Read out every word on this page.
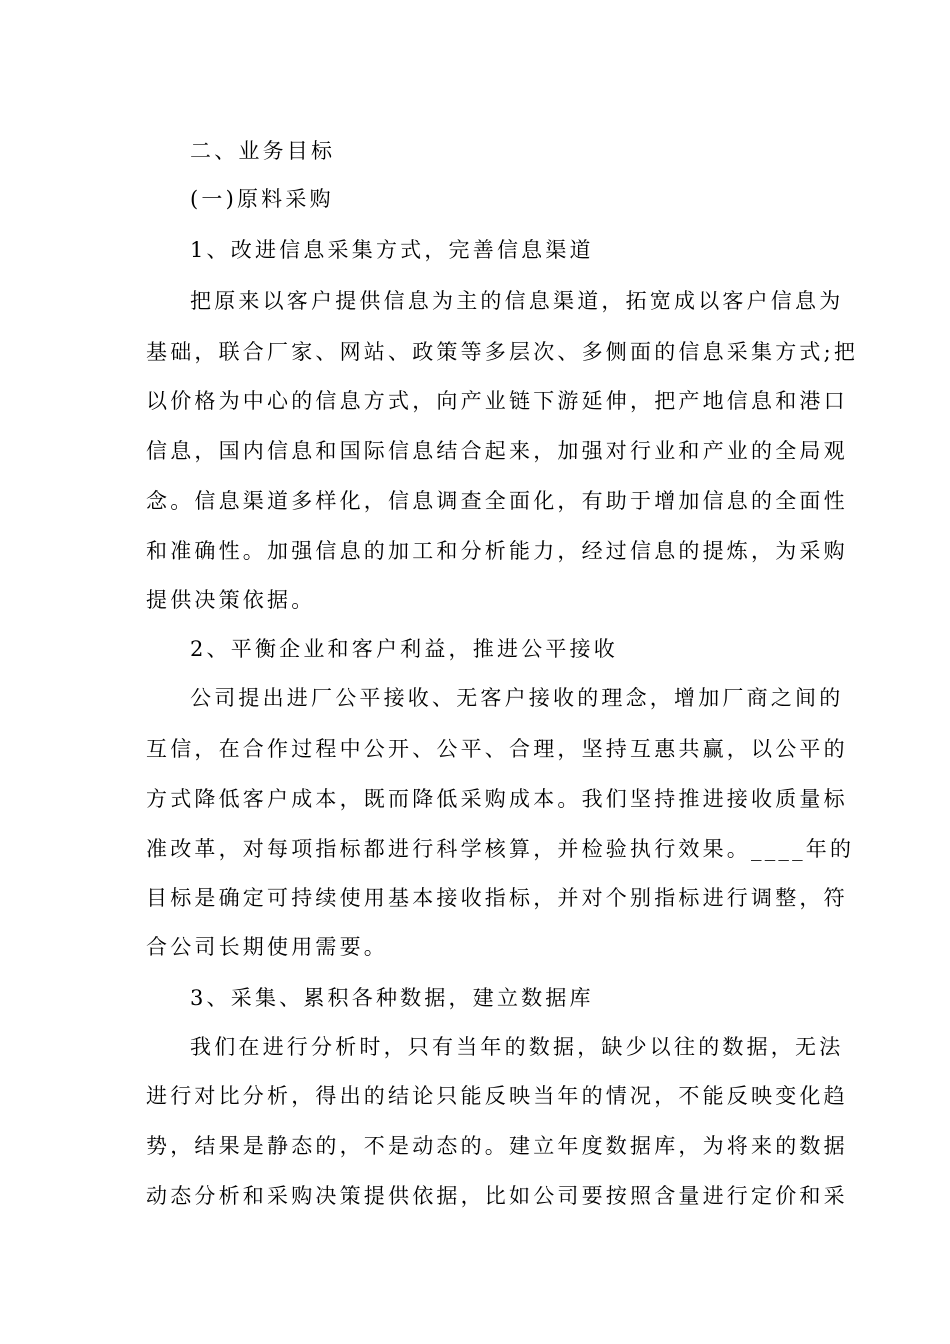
二、业务目标
(一)原料采购
1、改进信息采集方式，完善信息渠道
把原来以客户提供信息为主的信息渠道，拓宽成以客户信息为
基础，联合厂家、网站、政策等多层次、多侧面的信息采集方式;把
以价格为中心的信息方式，向产业链下游延伸，把产地信息和港口
信息，国内信息和国际信息结合起来，加强对行业和产业的全局观
念。信息渠道多样化，信息调查全面化，有助于增加信息的全面性
和准确性。加强信息的加工和分析能力，经过信息的提炼，为采购
提供决策依据。
2、平衡企业和客户利益，推进公平接收
公司提出进厂公平接收、无客户接收的理念，增加厂商之间的
互信，在合作过程中公开、公平、合理，坚持互惠共赢，以公平的
方式降低客户成本，既而降低采购成本。我们坚持推进接收质量标
准改革，对每项指标都进行科学核算，并检验执行效果。____年的
目标是确定可持续使用基本接收指标，并对个别指标进行调整，符
合公司长期使用需要。
3、采集、累积各种数据，建立数据库
我们在进行分析时，只有当年的数据，缺少以往的数据，无法
进行对比分析，得出的结论只能反映当年的情况，不能反映变化趋
势，结果是静态的，不是动态的。建立年度数据库，为将来的数据
动态分析和采购决策提供依据，比如公司要按照含量进行定价和采
